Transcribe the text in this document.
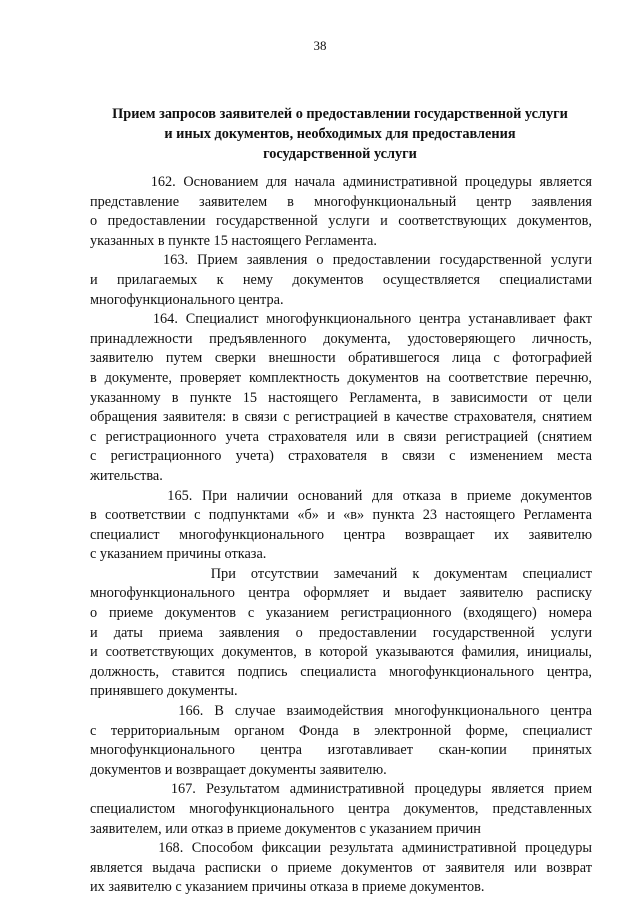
38
Прием запросов заявителей о предоставлении государственной услуги
и иных документов, необходимых для предоставления
государственной услуги
162. Основанием для начала административной процедуры является
представление заявителем в многофункциональный центр заявления
о предоставлении государственной услуги и соответствующих документов,
указанных в пункте 15 настоящего Регламента.
163. Прием заявления о предоставлении государственной услуги
и прилагаемых к нему документов осуществляется специалистами
многофункционального центра.
164. Специалист многофункционального центра устанавливает факт
принадлежности предъявленного документа, удостоверяющего личность,
заявителю путем сверки внешности обратившегося лица с фотографией
в документе, проверяет комплектность документов на соответствие перечню,
указанному в пункте 15 настоящего Регламента, в зависимости от цели
обращения заявителя: в связи с регистрацией в качестве страхователя, снятием
с регистрационного учета страхователя или в связи регистрацией (снятием
с регистрационного учета) страхователя в связи с изменением места
жительства.
165. При наличии оснований для отказа в приеме документов
в соответствии с подпунктами «б» и «в» пункта 23 настоящего Регламента
специалист многофункционального центра возвращает их заявителю
с указанием причины отказа.
При отсутствии замечаний к документам специалист
многофункционального центра оформляет и выдает заявителю расписку
о приеме документов с указанием регистрационного (входящего) номера
и даты приема заявления о предоставлении государственной услуги
и соответствующих документов, в которой указываются фамилия, инициалы,
должность, ставится подпись специалиста многофункционального центра,
принявшего документы.
166. В случае взаимодействия многофункционального центра
с территориальным органом Фонда в электронной форме, специалист
многофункционального центра изготавливает скан-копии принятых
документов и возвращает документы заявителю.
167. Результатом административной процедуры является прием
специалистом многофункционального центра документов, представленных
заявителем, или отказ в приеме документов с указанием причин
168. Способом фиксации результата административной процедуры
является выдача расписки о приеме документов от заявителя или возврат
их заявителю с указанием причины отказа в приеме документов.
